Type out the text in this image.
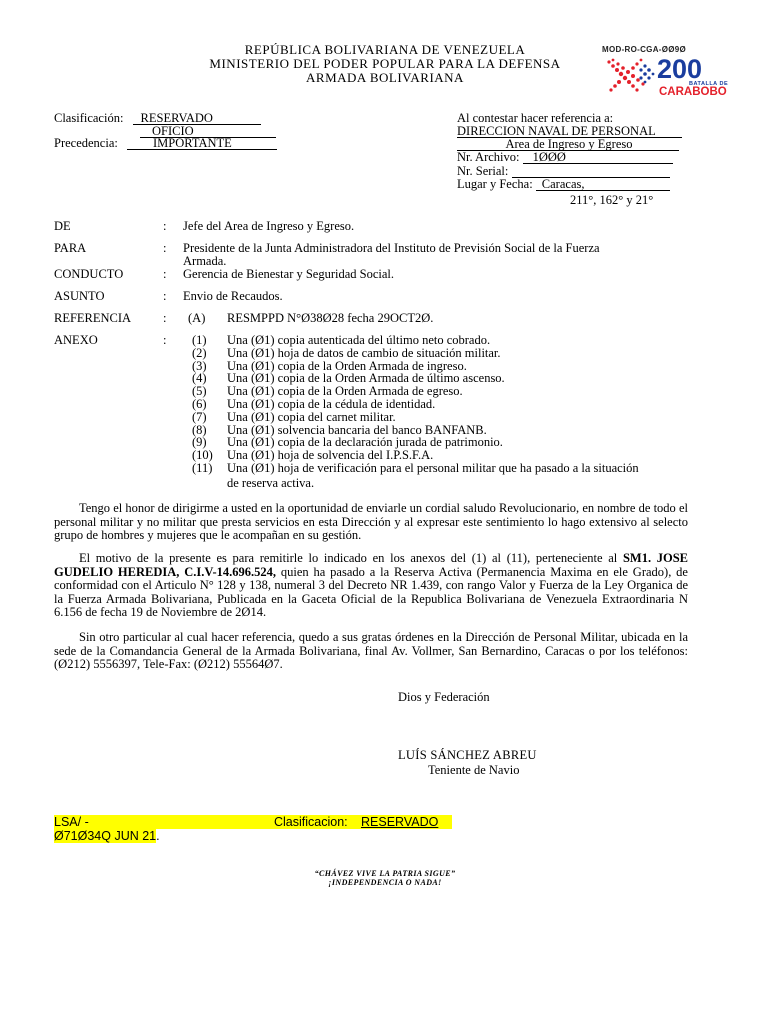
REPÚBLICA BOLIVARIANA DE VENEZUELA
MINISTERIO DEL PODER POPULAR PARA LA DEFENSA
ARMADA BOLIVARIANA
MOD-RO-CGA-ØØ9Ø
200
BATALLA DE
CARABOBO
Clasificación: RESERVADO
OFICIO
Precedencia:	IMPORTANTE
Al contestar hacer referencia a:
DIRECCION NAVAL DE PERSONAL
Area de Ingreso y Egreso
Nr. Archivo: 1ØØØ
Nr. Serial:
Lugar y Fecha: Caracas,
211°, 162° y 21°
DE	: Jefe del Area de Ingreso y Egreso.
PARA	: Presidente de la Junta Administradora del Instituto de Previsión Social de la Fuerza
Armada.
CONDUCTO	: Gerencia de Bienestar y Seguridad Social.
ASUNTO	: Envio de Recaudos.
REFERENCIA	: (A) RESMPPD N°Ø38Ø28 fecha 29OCT2Ø.
ANEXO	: (1)	Una (Ø1) copia autenticada del último neto cobrado.
(2)	Una (Ø1) hoja de datos de cambio de situación militar.
(3)	Una (Ø1) copia de la Orden Armada de ingreso.
(4)	Una (Ø1) copia de la Orden Armada de último ascenso.
(5)	Una (Ø1) copia de la Orden Armada de egreso.
(6)	Una (Ø1) copia de la cédula de identidad.
(7)	Una (Ø1) copia del carnet militar.
(8)	Una (Ø1) solvencia bancaria del banco BANFANB.
(9)	Una (Ø1) copia de la declaración jurada de patrimonio.
(10)	Una (Ø1) hoja de solvencia del I.P.S.F.A.
(11)	Una (Ø1) hoja de verificación para el personal militar que ha pasado a la situación
de reserva activa.
Tengo el honor de dirigirme a usted en la oportunidad de enviarle un cordial saludo Revolucionario, en nombre de todo el personal militar y no militar que presta servicios en esta Dirección y al expresar este sentimiento lo hago extensivo al selecto grupo de hombres y mujeres que le acompañan en su gestión.
El motivo de la presente es para remitirle lo indicado en los anexos del (1) al (11), perteneciente al SM1. JOSE GUDELIO HEREDIA, C.I.V-14.696.524, quien ha pasado a la Reserva Activa (Permanencia Maxima en ele Grado), de conformidad con el Articulo N° 128 y 138, numeral 3 del Decreto NR 1.439, con rango Valor y Fuerza de la Ley Organica de la Fuerza Armada Bolivariana, Publicada en la Gaceta Oficial de la Republica Bolivariana de Venezuela Extraordinaria N 6.156 de fecha 19 de Noviembre de 2Ø14.
Sin otro particular al cual hacer referencia, quedo a sus gratas órdenes en la Dirección de Personal Militar, ubicada en la sede de la Comandancia General de la Armada Bolivariana, final Av. Vollmer, San Bernardino, Caracas o por los teléfonos: (Ø212) 5556397, Tele-Fax: (Ø212) 55564Ø7.
Dios y Federación
LUÍS SÁNCHEZ ABREU
Teniente de Navio
LSA/ -	Clasificacion: RESERVADO
Ø71Ø34Q JUN 21.
“CHÁVEZ VIVE LA PATRIA SIGUE”
¡INDEPENDENCIA O NADA!
